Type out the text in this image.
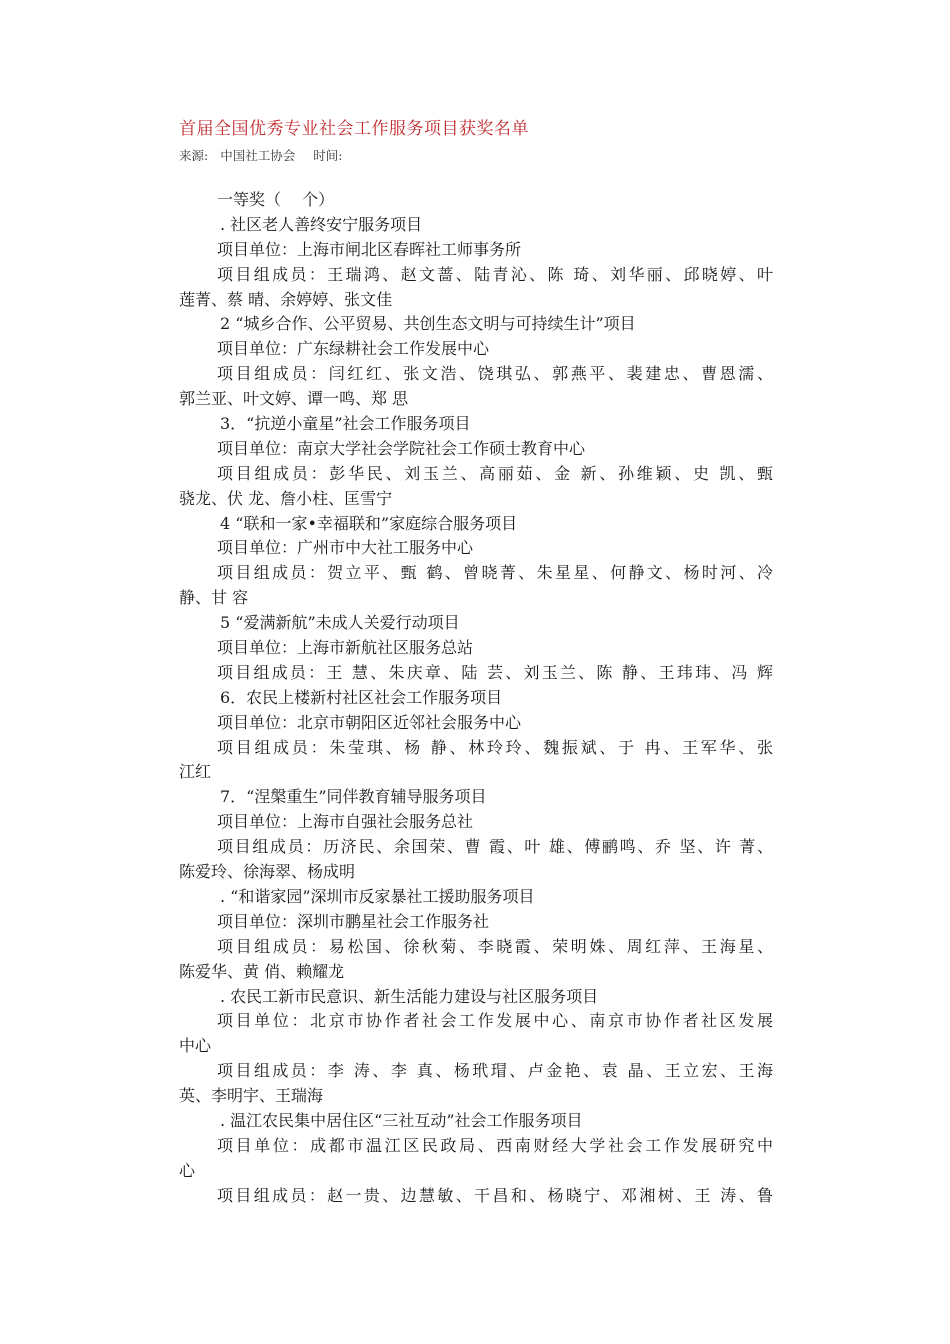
首届全国优秀专业社会工作服务项目获奖名单
来源: 中国社工协会 时间:
一等奖（　 个）
. 社区老人善终安宁服务项目
项目单位：上海市闸北区春晖社工师事务所
项目组成员：王瑞鸿、赵文蔷、陆青沁、陈 琦、刘华丽、邱晓婷、叶
莲菁、蔡 晴、余婷婷、张文佳
2 “城乡合作、公平贸易、共创生态文明与可持续生计”项目
项目单位：广东绿耕社会工作发展中心
项目组成员：闫红红、张文浩、饶琪弘、郭燕平、裴建忠、曹恩濡、
郭兰亚、叶文婷、谭一鸣、郑 思
3．“抗逆小童星”社会工作服务项目
项目单位：南京大学社会学院社会工作硕士教育中心
项目组成员：彭华民、刘玉兰、高丽茹、金 新、孙维颖、史 凯、甄
骁龙、伏 龙、詹小柱、匡雪宁
4 “联和一家•幸福联和”家庭综合服务项目
项目单位：广州市中大社工服务中心
项目组成员：贺立平、甄 鹤、曾晓菁、朱星星、何静文、杨时河、冷
静、甘 容
5 “爱满新航”未成人关爱行动项目
项目单位：上海市新航社区服务总站
项目组成员：王 慧、朱庆章、陆 芸、刘玉兰、陈 静、王玮玮、冯 辉
6．农民上楼新村社区社会工作服务项目
项目单位：北京市朝阳区近邻社会服务中心
项目组成员：朱莹琪、杨 静、林玲玲、魏振斌、于 冉、王军华、张
江红
7．“涅槃重生”同伴教育辅导服务项目
项目单位：上海市自强社会服务总社
项目组成员：历济民、余国荣、曹 霞、叶 雄、傅鹂鸣、乔 坚、许 菁、
陈爱玲、徐海翠、杨成明
. “和谐家园”深圳市反家暴社工援助服务项目
项目单位：深圳市鹏星社会工作服务社
项目组成员：易松国、徐秋菊、李晓霞、荣明姝、周红萍、王海星、
陈爱华、黄 俏、赖耀龙
. 农民工新市民意识、新生活能力建设与社区服务项目
项目单位：北京市协作者社会工作发展中心、南京市协作者社区发展
中心
项目组成员：李 涛、李 真、杨玳瑁、卢金艳、袁 晶、王立宏、王海
英、李明宇、王瑞海
. 温江农民集中居住区“三社互动”社会工作服务项目
项目单位：成都市温江区民政局、西南财经大学社会工作发展研究中
心
项目组成员：赵一贵、边慧敏、干昌和、杨晓宁、邓湘树、王 涛、鲁
